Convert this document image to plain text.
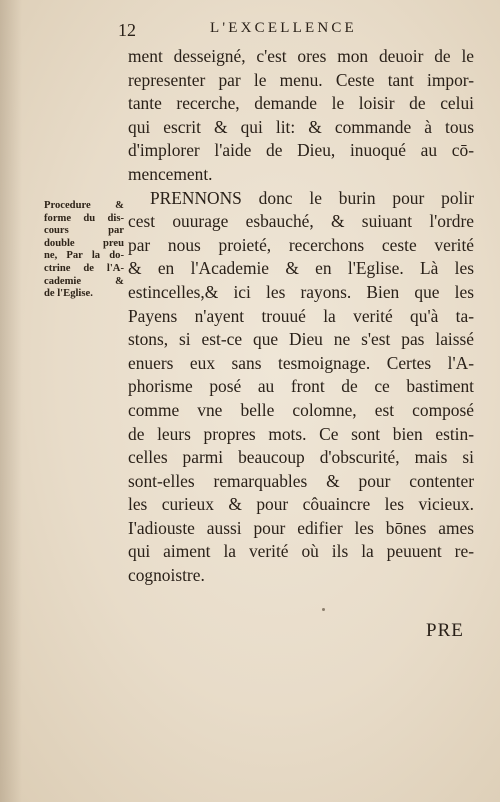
12	L'EXCELLENCE
Procedure &
forme du dis-
cours par
double preu
ne, Par la do-
ctrine de l'A-
cademie &
de l'Eglise.
ment desseigné, c'est ores mon deuoir de le
representer par le menu. Ceste tant impor-
tante recerche, demande le loisir de celui
qui escrit & qui lit: & commande à tous
d'implorer l'aide de Dieu, inuoqué au cō-
mencement.
PRENNONS donc le burin pour polir
cest ouurage esbauché, & suiuant l'ordre
par nous proieté, recerchons ceste verité
& en l'Academie & en l'Eglise. Là les
estincelles,& ici les rayons. Bien que les
Payens n'ayent trouué la verité qu'à ta-
stons, si est-ce que Dieu ne s'est pas laissé
enuers eux sans tesmoignage. Certes l'A-
phorisme posé au front de ce bastiment
comme vne belle colomne, est composé
de leurs propres mots. Ce sont bien estin-
celles parmi beaucoup d'obscurité, mais si
sont-elles remarquables & pour contenter
les curieux & pour côuaincre les vicieux.
I'adiouste aussi pour edifier les bōnes ames
qui aiment la verité où ils la peuuent re-
cognoistre.
PRE
